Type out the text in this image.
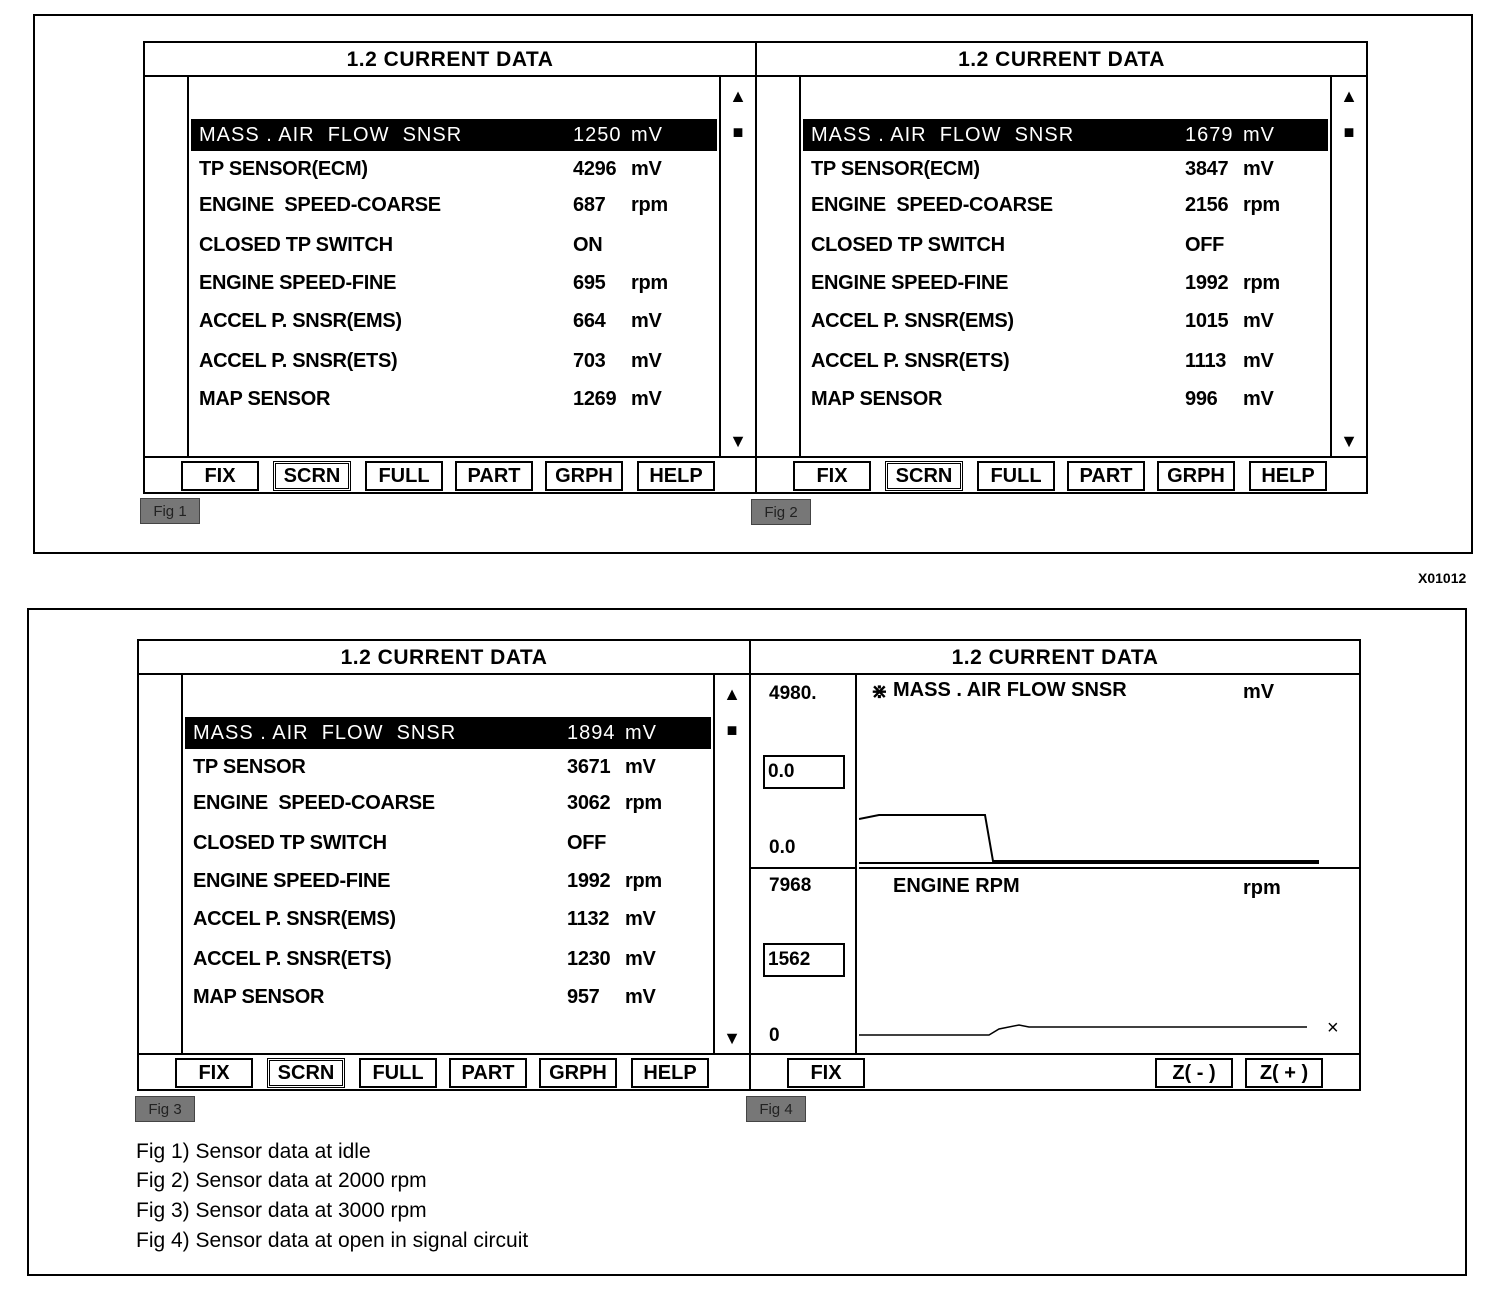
X01012
1.2 CURRENT DATA
MASS . AIR  FLOW  SNSR	1250 mV
TP SENSOR(ECM)	4296 mV
ENGINE  SPEED-COARSE	687 rpm
CLOSED TP SWITCH	ON
ENGINE SPEED-FINE	695 rpm
ACCEL P. SNSR(EMS)	664 mV
ACCEL P. SNSR(ETS)	703 mV
MAP SENSOR	1269 mV
▲
■
▼
FIX	SCRN	FULL	PART	GRPH	HELP
Fig 1
1.2 CURRENT DATA
MASS . AIR  FLOW  SNSR	1679 mV
TP SENSOR(ECM)	3847 mV
ENGINE  SPEED-COARSE	2156 rpm
CLOSED TP SWITCH	OFF
ENGINE SPEED-FINE	1992 rpm
ACCEL P. SNSR(EMS)	1015 mV
ACCEL P. SNSR(ETS)	1113 mV
MAP SENSOR	996 mV
▲
■
▼
FIX	SCRN	FULL	PART	GRPH	HELP
Fig 2
1.2 CURRENT DATA
MASS . AIR  FLOW  SNSR	1894 mV
TP SENSOR	3671 mV
ENGINE  SPEED-COARSE	3062 rpm
CLOSED TP SWITCH	OFF
ENGINE SPEED-FINE	1992 rpm
ACCEL P. SNSR(EMS)	1132 mV
ACCEL P. SNSR(ETS)	1230 mV
MAP SENSOR	957 mV
▲
■
▼
FIX	SCRN	FULL	PART	GRPH	HELP
Fig 3
1.2 CURRENT DATA
4980.
0.0
0.0
7968
1562
0
⋇ MASS . AIR FLOW SNSR	mV
ENGINE RPM	rpm
×
FIX	Z( - )	Z( + )
Fig 4
Fig 1) Sensor data at idle
Fig 2) Sensor data at 2000 rpm
Fig 3) Sensor data at 3000 rpm
Fig 4) Sensor data at open in signal circuit
